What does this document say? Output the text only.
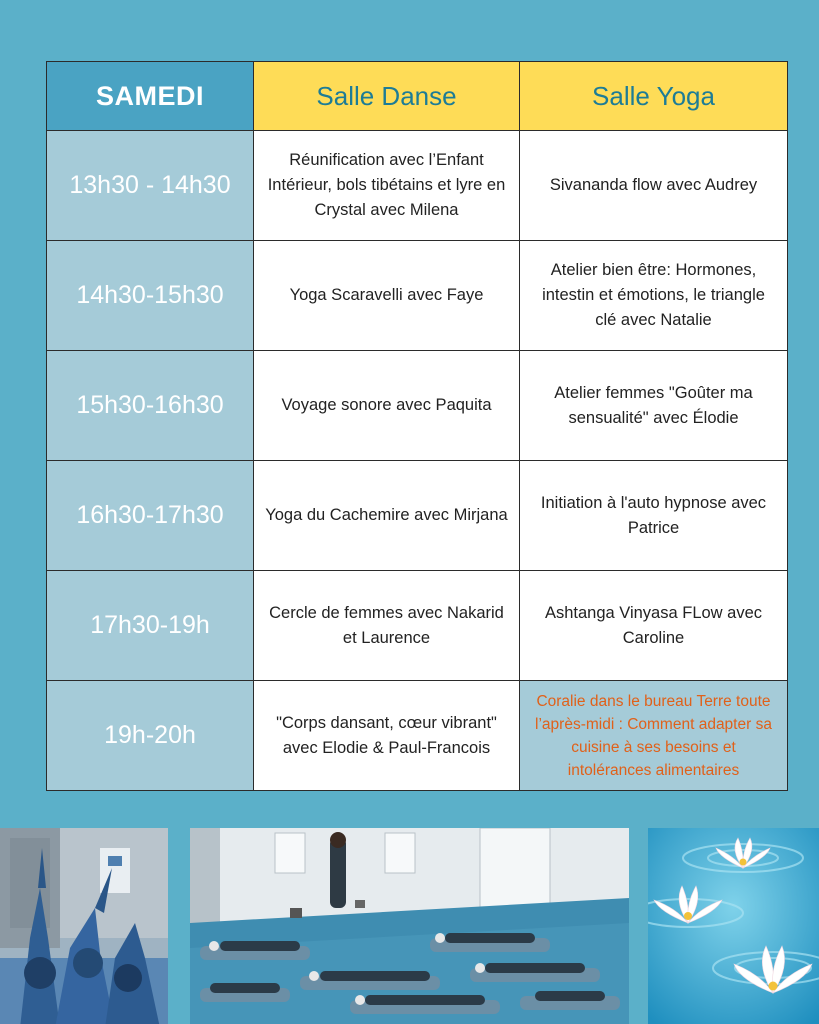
SAMEDI	Salle Danse	Salle Yoga
13h30 - 14h30	Réunification avec l’Enfant Intérieur, bols tibétains et lyre en Crystal avec Milena	Sivananda flow avec Audrey
14h30-15h30	Yoga Scaravelli avec Faye	Atelier bien être: Hormones, intestin et émotions, le triangle clé avec Natalie
15h30-16h30	Voyage sonore avec Paquita	Atelier femmes "Goûter ma sensualité" avec Élodie
16h30-17h30	Yoga du Cachemire avec Mirjana	Initiation à l'auto hypnose avec Patrice
17h30-19h	Cercle de femmes avec Nakarid et Laurence	Ashtanga Vinyasa FLow avec Caroline
19h-20h	"Corps dansant, cœur vibrant" avec Elodie & Paul-Francois	Coralie dans le bureau Terre toute l’après-midi : Comment adapter sa cuisine à ses besoins et intolérances alimentaires
